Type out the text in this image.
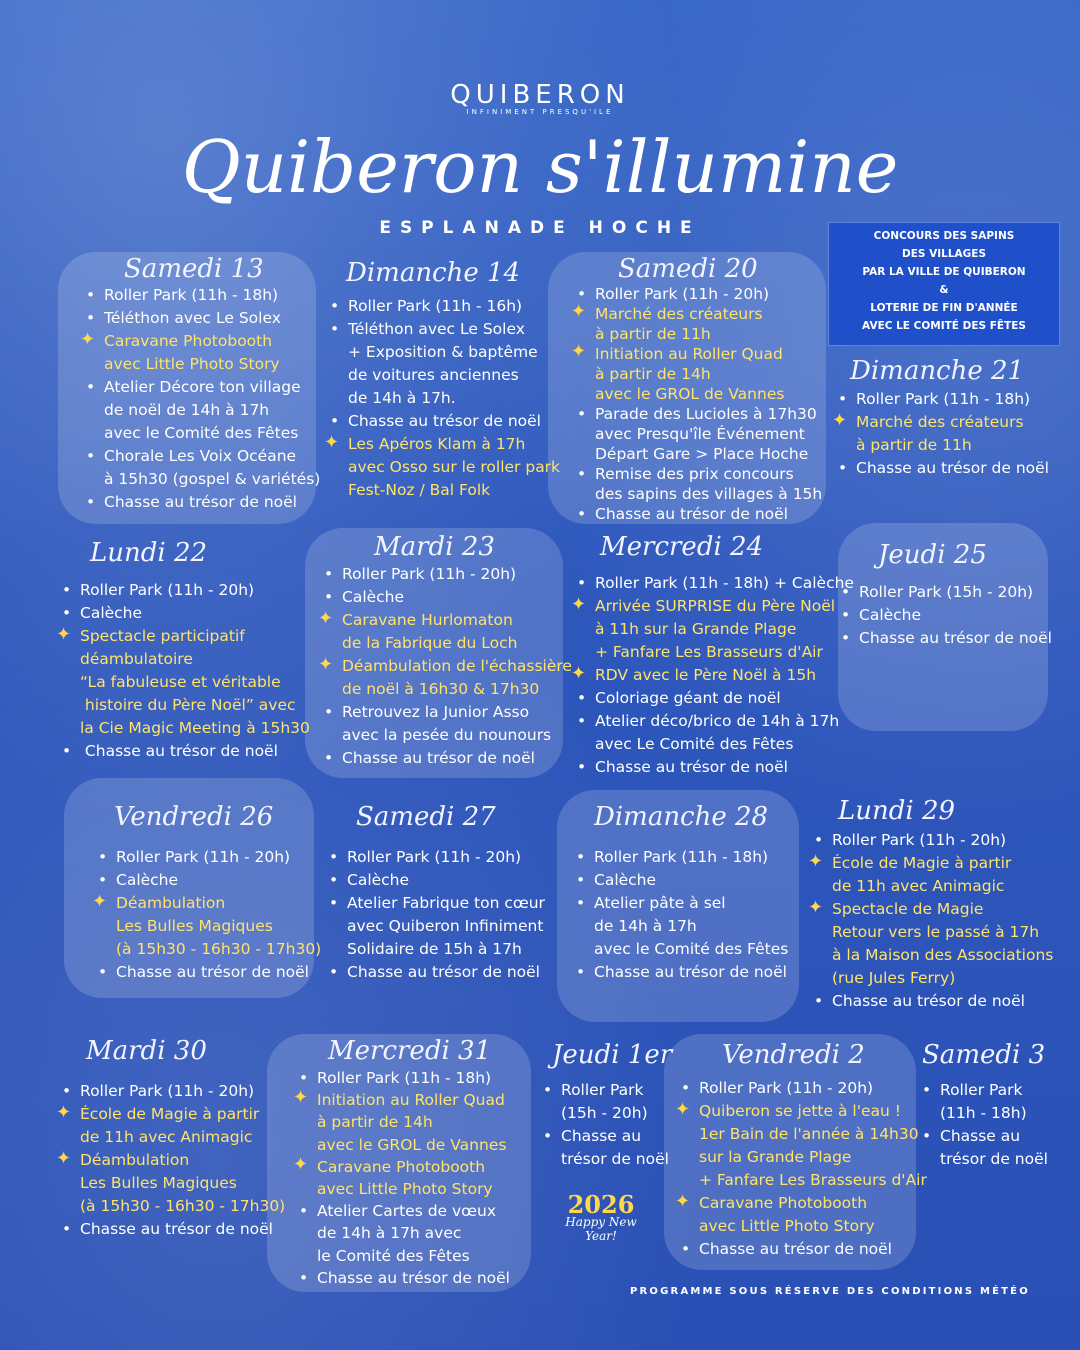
QUIBERON
INFINIMENT PRESQU'ILE
Quiberon s'illumine
ESPLANADE HOCHE	CONCOURS DES SAPINS
DES VILLAGES
PAR LA VILLE DE QUIBERON
&
LOTERIE DE FIN D'ANNÉE
AVEC LE COMITÉ DES FÊTES
Samedi 13
• Roller Park (11h - 18h)
• Téléthon avec Le Solex
✦ Caravane Photobooth
avec Little Photo Story
• Atelier Décore ton village
de noël de 14h à 17h
avec le Comité des Fêtes
• Chorale Les Voix Océane
à 15h30 (gospel & variétés)
• Chasse au trésor de noël
Dimanche 14
• Roller Park (11h - 16h)
• Téléthon avec Le Solex
+ Exposition & baptême
de voitures anciennes
de 14h à 17h.
• Chasse au trésor de noël
✦ Les Apéros Klam à 17h
avec Osso sur le roller park
Fest-Noz / Bal Folk
Samedi 20
• Roller Park (11h - 20h)
✦ Marché des créateurs
à partir de 11h
✦ Initiation au Roller Quad
à partir de 14h
avec le GROL de Vannes
• Parade des Lucioles à 17h30
avec Presqu'île Événement
Départ Gare > Place Hoche
• Remise des prix concours
des sapins des villages à 15h
• Chasse au trésor de noël
Dimanche 21
• Roller Park (11h - 18h)
✦ Marché des créateurs
à partir de 11h
• Chasse au trésor de noël
Lundi 22
• Roller Park (11h - 20h)
• Calèche
✦ Spectacle participatif
déambulatoire
“La fabuleuse et véritable
histoire du Père Noël” avec
la Cie Magic Meeting à 15h30
•  Chasse au trésor de noël
Mardi 23
• Roller Park (11h - 20h)
• Calèche
✦ Caravane Hurlomaton
de la Fabrique du Loch
✦ Déambulation de l'échassière
de noël à 16h30 & 17h30
• Retrouvez la Junior Asso
avec la pesée du nounours
• Chasse au trésor de noël
Mercredi 24
• Roller Park (11h - 18h) + Calèche
✦ Arrivée SURPRISE du Père Noël
à 11h sur la Grande Plage
+ Fanfare Les Brasseurs d'Air
✦ RDV avec le Père Noël à 15h
• Coloriage géant de noël
• Atelier déco/brico de 14h à 17h
avec Le Comité des Fêtes
• Chasse au trésor de noël
Jeudi 25
• Roller Park (15h - 20h)
• Calèche
• Chasse au trésor de noël
Vendredi 26
• Roller Park (11h - 20h)
• Calèche
✦ Déambulation
Les Bulles Magiques
(à 15h30 - 16h30 - 17h30)
• Chasse au trésor de noël
Samedi 27
• Roller Park (11h - 20h)
• Calèche
• Atelier Fabrique ton cœur
avec Quiberon Infiniment
Solidaire de 15h à 17h
• Chasse au trésor de noël
Dimanche 28
• Roller Park (11h - 18h)
• Calèche
• Atelier pâte à sel
de 14h à 17h
avec le Comité des Fêtes
• Chasse au trésor de noël
Lundi 29
• Roller Park (11h - 20h)
✦ École de Magie à partir
de 11h avec Animagic
✦ Spectacle de Magie
Retour vers le passé à 17h
à la Maison des Associations
(rue Jules Ferry)
• Chasse au trésor de noël
Mardi 30
• Roller Park (11h - 20h)
✦ École de Magie à partir
de 11h avec Animagic
✦ Déambulation
Les Bulles Magiques
(à 15h30 - 16h30 - 17h30)
• Chasse au trésor de noël
Mercredi 31
• Roller Park (11h - 18h)
✦ Initiation au Roller Quad
à partir de 14h
avec le GROL de Vannes
✦ Caravane Photobooth
avec Little Photo Story
• Atelier Cartes de vœux
de 14h à 17h avec
le Comité des Fêtes
• Chasse au trésor de noël
Jeudi 1er
• Roller Park
(15h - 20h)
• Chasse au
trésor de noël
Vendredi 2
• Roller Park (11h - 20h)
✦ Quiberon se jette à l'eau !
1er Bain de l'année à 14h30
sur la Grande Plage
+ Fanfare Les Brasseurs d'Air
✦ Caravane Photobooth
avec Little Photo Story
• Chasse au trésor de noël
Samedi 3
• Roller Park
(11h - 18h)
• Chasse au
trésor de noël
2026
Happy New Year!
PROGRAMME SOUS RÉSERVE DES CONDITIONS MÉTÉO
